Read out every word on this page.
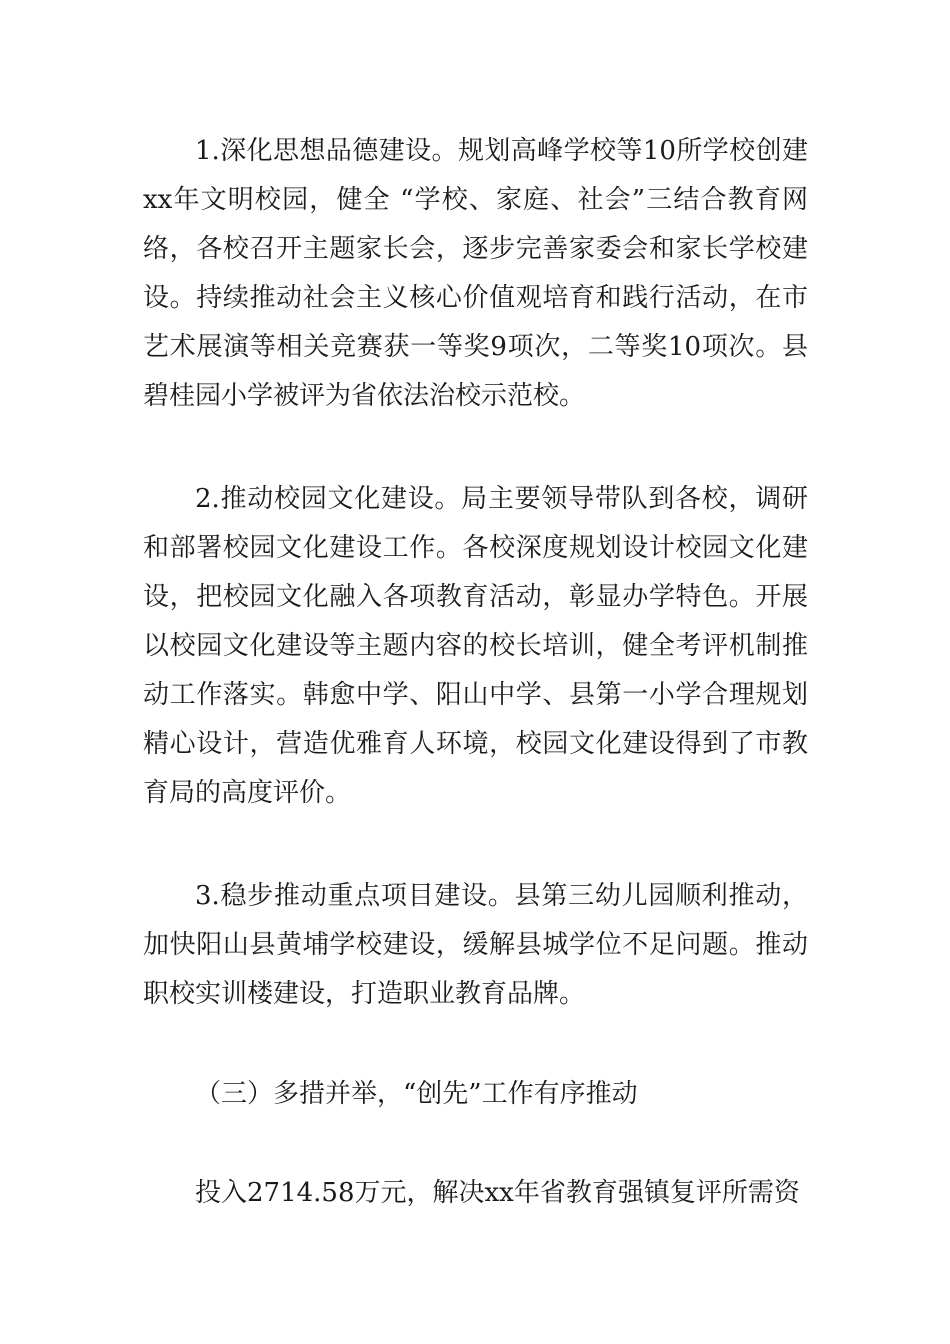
1.深化思想品德建设。规划高峰学校等10所学校创建xx年文明校园，健全 “学校、家庭、社会”三结合教育网络，各校召开主题家长会，逐步完善家委会和家长学校建设。持续推动社会主义核心价值观培育和践行活动，在市艺术展演等相关竞赛获一等奖9项次，二等奖10项次。县碧桂园小学被评为省依法治校示范校。

2.推动校园文化建设。局主要领导带队到各校，调研和部署校园文化建设工作。各校深度规划设计校园文化建设，把校园文化融入各项教育活动，彰显办学特色。开展以校园文化建设等主题内容的校长培训，健全考评机制推动工作落实。韩愈中学、阳山中学、县第一小学合理规划精心设计，营造优雅育人环境，校园文化建设得到了市教育局的高度评价。

3.稳步推动重点项目建设。县第三幼儿园顺利推动，加快阳山县黄埔学校建设，缓解县城学位不足问题。推动职校实训楼建设，打造职业教育品牌。

（三）多措并举，“创先”工作有序推动

投入2714.58万元，解决xx年省教育强镇复评所需资
